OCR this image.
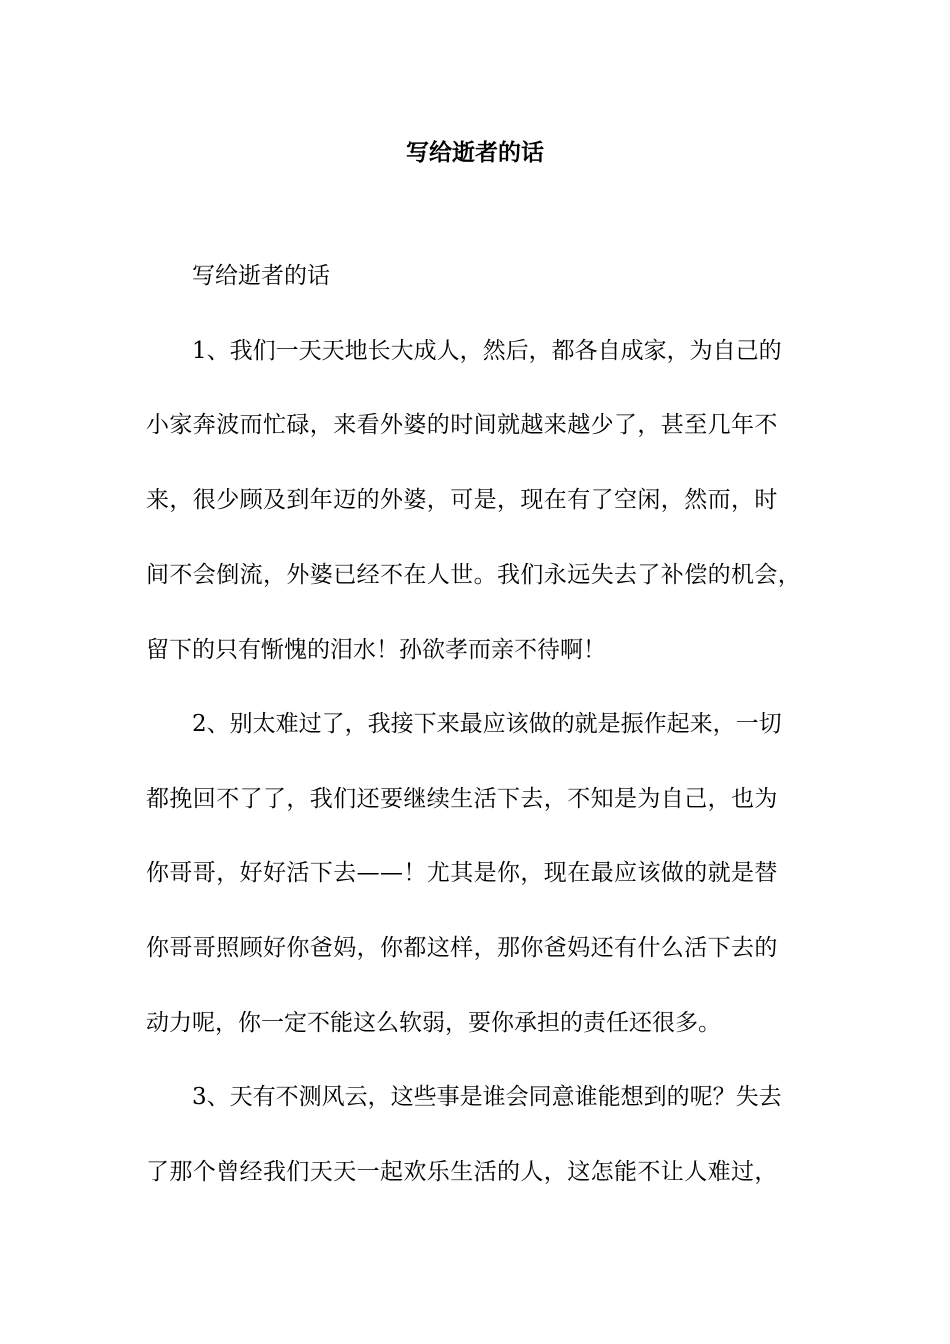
写给逝者的话

写给逝者的话

1、我们一天天地长大成人，然后，都各自成家，为自己的

小家奔波而忙碌，来看外婆的时间就越来越少了，甚至几年不

来，很少顾及到年迈的外婆，可是，现在有了空闲，然而，时

间不会倒流，外婆已经不在人世。我们永远失去了补偿的机会，

留下的只有惭愧的泪水！孙欲孝而亲不待啊！

2、别太难过了，我接下来最应该做的就是振作起来，一切

都挽回不了了，我们还要继续生活下去，不知是为自己，也为

你哥哥，好好活下去——！尤其是你，现在最应该做的就是替

你哥哥照顾好你爸妈，你都这样，那你爸妈还有什么活下去的

动力呢，你一定不能这么软弱，要你承担的责任还很多。

3、天有不测风云，这些事是谁会同意谁能想到的呢？失去

了那个曾经我们天天一起欢乐生活的人，这怎能不让人难过，
